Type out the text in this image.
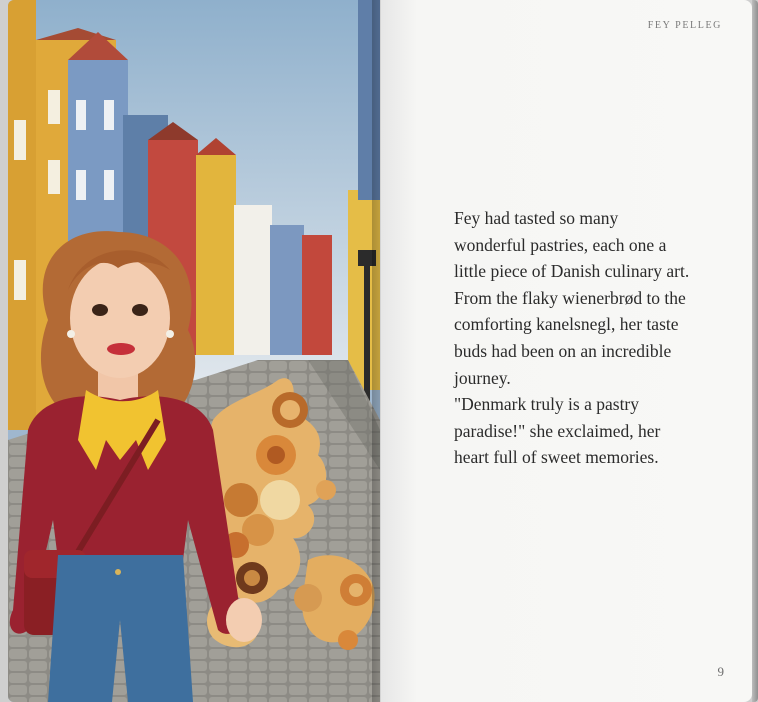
FEY PELLEG

Fey had tasted so many wonderful pastries, each one a little piece of Danish culinary art. From the flaky wienerbrød to the comforting kanelsnegl, her taste buds had been on an incredible journey.

"Denmark truly is a pastry paradise!" she exclaimed, her heart full of sweet memories.

9
